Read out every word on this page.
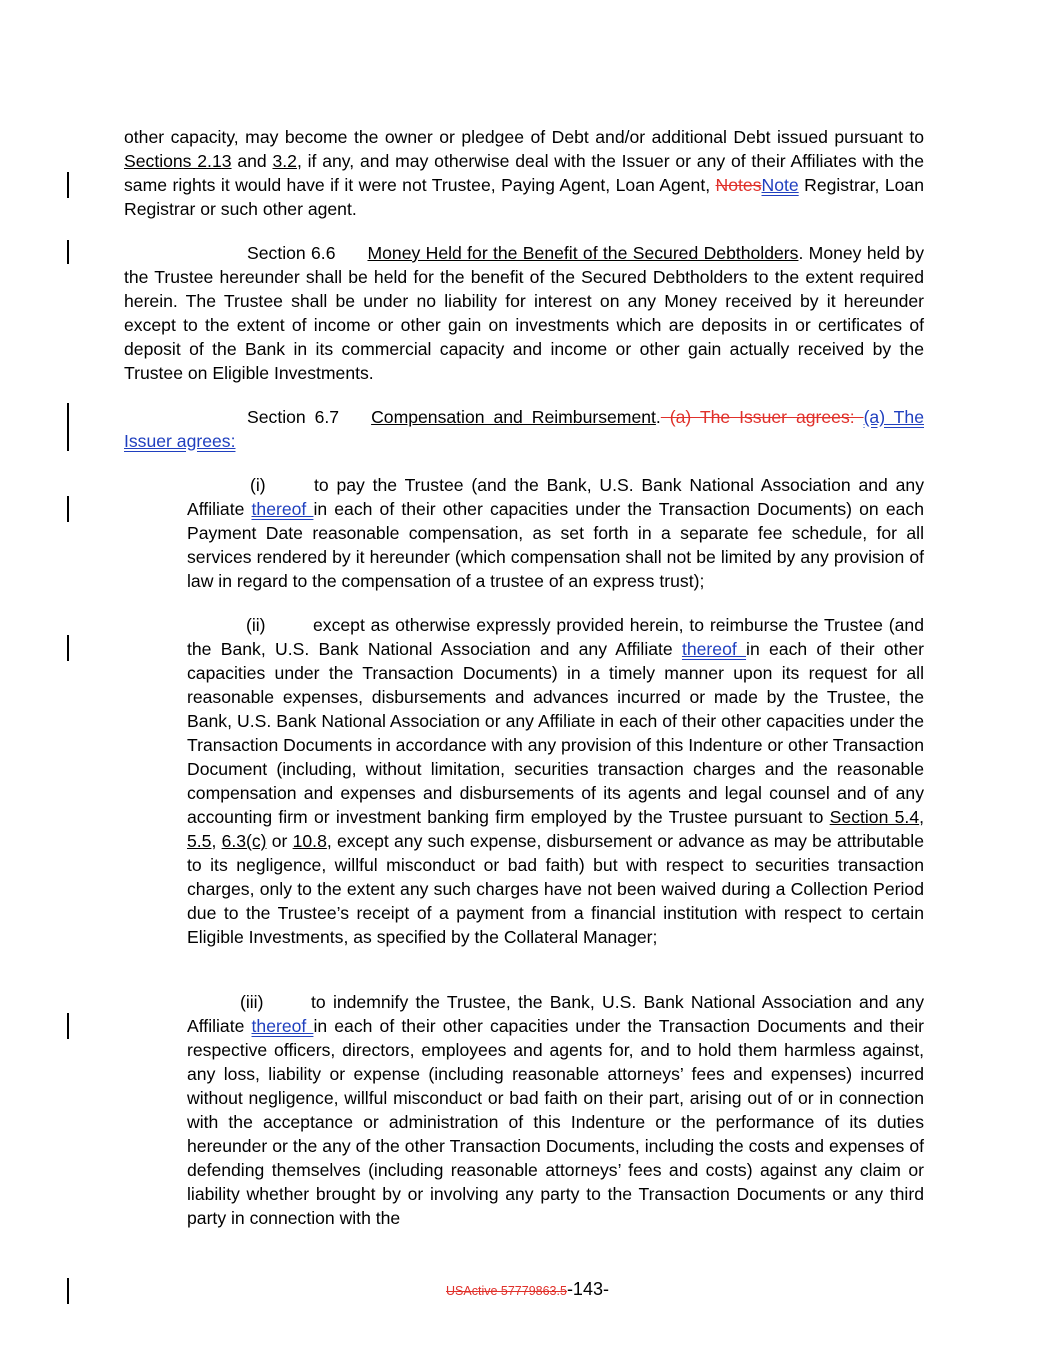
other capacity, may become the owner or pledgee of Debt and/or additional Debt issued pursuant to Sections 2.13 and 3.2, if any, and may otherwise deal with the Issuer or any of their Affiliates with the same rights it would have if it were not Trustee, Paying Agent, Loan Agent, NotesNote Registrar, Loan Registrar or such other agent.

Section 6.6 Money Held for the Benefit of the Secured Debtholders. Money held by the Trustee hereunder shall be held for the benefit of the Secured Debtholders to the extent required herein. The Trustee shall be under no liability for interest on any Money received by it hereunder except to the extent of income or other gain on investments which are deposits in or certificates of deposit of the Bank in its commercial capacity and income or other gain actually received by the Trustee on Eligible Investments.

Section 6.7 Compensation and Reimbursement. (a) The Issuer agrees: (a) The Issuer agrees:

(i)	to pay the Trustee (and the Bank, U.S. Bank National Association and any Affiliate thereof in each of their other capacities under the Transaction Documents) on each Payment Date reasonable compensation, as set forth in a separate fee schedule, for all services rendered by it hereunder (which compensation shall not be limited by any provision of law in regard to the compensation of a trustee of an express trust);

(ii)	except as otherwise expressly provided herein, to reimburse the Trustee (and the Bank, U.S. Bank National Association and any Affiliate thereof in each of their other capacities under the Transaction Documents) in a timely manner upon its request for all reasonable expenses, disbursements and advances incurred or made by the Trustee, the Bank, U.S. Bank National Association or any Affiliate in each of their other capacities under the Transaction Documents in accordance with any provision of this Indenture or other Transaction Document (including, without limitation, securities transaction charges and the reasonable compensation and expenses and disbursements of its agents and legal counsel and of any accounting firm or investment banking firm employed by the Trustee pursuant to Section 5.4, 5.5, 6.3(c) or 10.8, except any such expense, disbursement or advance as may be attributable to its negligence, willful misconduct or bad faith) but with respect to securities transaction charges, only to the extent any such charges have not been waived during a Collection Period due to the Trustee’s receipt of a payment from a financial institution with respect to certain Eligible Investments, as specified by the Collateral Manager;

(iii)	to indemnify the Trustee, the Bank, U.S. Bank National Association and any Affiliate thereof in each of their other capacities under the Transaction Documents and their respective officers, directors, employees and agents for, and to hold them harmless against, any loss, liability or expense (including reasonable attorneys’ fees and expenses) incurred without negligence, willful misconduct or bad faith on their part, arising out of or in connection with the acceptance or administration of this Indenture or the performance of its duties hereunder or the any of the other Transaction Documents, including the costs and expenses of defending themselves (including reasonable attorneys’ fees and costs) against any claim or liability whether brought by or involving any party to the Transaction Documents or any third party in connection with the

USActive 57779863.5-143-
